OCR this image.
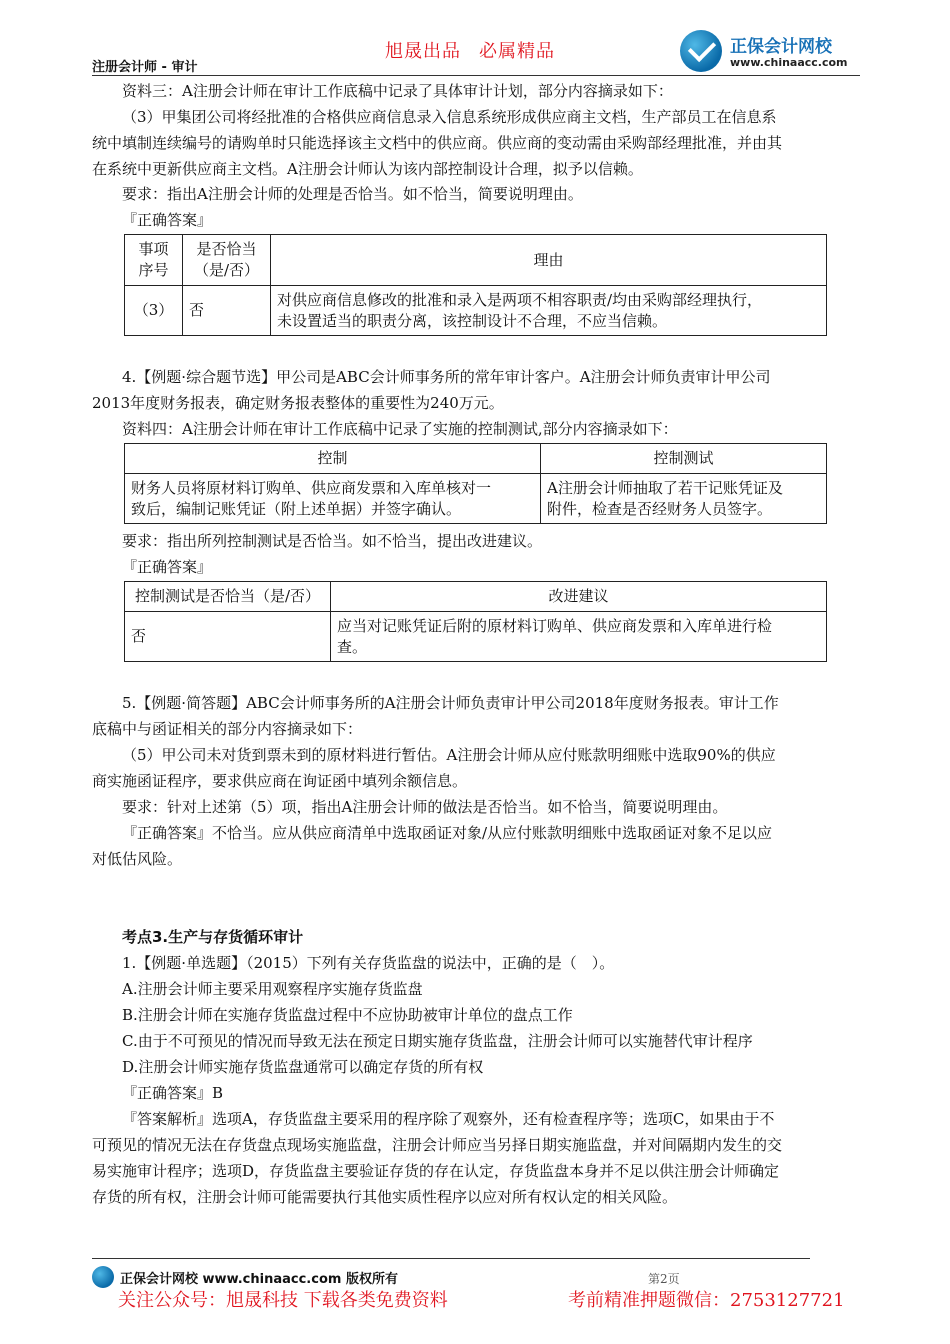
注册会计师 - 审计
旭晟出品 必属精品	正保会计网校
www.chinaacc.com
资料三：A注册会计师在审计工作底稿中记录了具体审计计划，部分内容摘录如下：
（3）甲集团公司将经批准的合格供应商信息录入信息系统形成供应商主文档，生产部员工在信息系
统中填制连续编号的请购单时只能选择该主文档中的供应商。供应商的变动需由采购部经理批准，并由其
在系统中更新供应商主文档。A注册会计师认为该内部控制设计合理，拟予以信赖。
要求：指出A注册会计师的处理是否恰当。如不恰当，简要说明理由。
『正确答案』
事项
序号	是否恰当
（是/否）	理由
（3）	否	对供应商信息修改的批准和录入是两项不相容职责/均由采购部经理执行，
未设置适当的职责分离，该控制设计不合理，不应当信赖。
4.【例题·综合题节选】甲公司是ABC会计师事务所的常年审计客户。A注册会计师负责审计甲公司
2013年度财务报表，确定财务报表整体的重要性为240万元。
资料四：A注册会计师在审计工作底稿中记录了实施的控制测试,部分内容摘录如下：
控制	控制测试
财务人员将原材料订购单、供应商发票和入库单核对一
致后，编制记账凭证（附上述单据）并签字确认。	A注册会计师抽取了若干记账凭证及
附件，检查是否经财务人员签字。
要求：指出所列控制测试是否恰当。如不恰当，提出改进建议。
『正确答案』
控制测试是否恰当（是/否）	改进建议
否	应当对记账凭证后附的原材料订购单、供应商发票和入库单进行检
查。
5.【例题·简答题】ABC会计师事务所的A注册会计师负责审计甲公司2018年度财务报表。审计工作
底稿中与函证相关的部分内容摘录如下：
（5）甲公司未对货到票未到的原材料进行暂估。A注册会计师从应付账款明细账中选取90%的供应
商实施函证程序，要求供应商在询证函中填列余额信息。
要求：针对上述第（5）项，指出A注册会计师的做法是否恰当。如不恰当，简要说明理由。
『正确答案』不恰当。应从供应商清单中选取函证对象/从应付账款明细账中选取函证对象不足以应
对低估风险。
考点3.生产与存货循环审计
1.【例题·单选题】（2015）下列有关存货监盘的说法中，正确的是（　）。
A.注册会计师主要采用观察程序实施存货监盘
B.注册会计师在实施存货监盘过程中不应协助被审计单位的盘点工作
C.由于不可预见的情况而导致无法在预定日期实施存货监盘，注册会计师可以实施替代审计程序
D.注册会计师实施存货监盘通常可以确定存货的所有权
『正确答案』B
『答案解析』选项A，存货监盘主要采用的程序除了观察外，还有检查程序等；选项C，如果由于不
可预见的情况无法在存货盘点现场实施监盘，注册会计师应当另择日期实施监盘，并对间隔期内发生的交
易实施审计程序；选项D，存货监盘主要验证存货的存在认定，存货监盘本身并不足以供注册会计师确定
存货的所有权，注册会计师可能需要执行其他实质性程序以应对所有权认定的相关风险。
正保会计网校 www.chinaacc.com 版权所有	第2页
关注公众号：旭晟科技 下载各类免费资料	考前精准押题微信：2753127721
